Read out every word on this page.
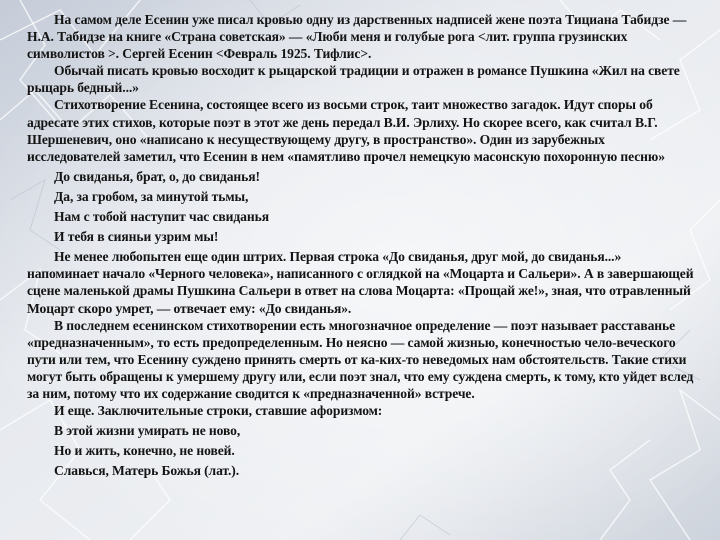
На самом деле Есенин уже писал кровью одну из дарственных надписей жене поэта Тициана Табидзе — Н.А. Табидзе на книге «Страна советская» — «Люби меня и голубые рога <лит. группа грузинских символистов >. Сергей Есенин <Февраль 1925. Тифлис>.

Обычай писать кровью восходит к рыцарской традиции и отражен в романсе Пушкина «Жил на свете рыцарь бедный...»

Стихотворение Есенина, состоящее всего из восьми строк, таит множество загадок. Идут споры об адресате этих стихов, которые поэт в этот же день передал В.И. Эрлиху. Но скорее всего, как считал В.Г. Шершеневич, оно «написано к несуществующему другу, в пространство». Один из зарубежных исследователей заметил, что Есенин в нем «памятливо прочел немецкую масонскую похоронную песню»

До свиданья, брат, о, до свиданья!

Да, за гробом, за минутой тьмы,

Нам с тобой наступит час свиданья

И тебя в сияньи узрим мы!

Не менее любопытен еще один штрих. Первая строка «До свиданья, друг мой, до свиданья...» напоминает начало «Черного человека», написанного с оглядкой на «Моцарта и Сальери». А в завершающей сцене маленькой драмы Пушкина Сальери в ответ на слова Моцарта: «Прощай же!», зная, что отравленный Моцарт скоро умрет, — отвечает ему: «До свиданья».

В последнем есенинском стихотворении есть многозначное определение — поэт называет расставанье «предназначенным», то есть предопределенным. Но неясно — самой жизнью, конечностью чело-веческого пути или тем, что Есенину суждено принять смерть от ка-ких-то неведомых нам обстоятельств. Такие стихи могут быть обращены к умершему другу или, если поэт знал, что ему суждена смерть, к тому, кто уйдет вслед за ним, потому что их содержание сводится к «предназначенной» встрече.

И еще. Заключительные строки, ставшие афоризмом:

В этой жизни умирать не ново,

Но и жить, конечно, не новей.

Славься, Матерь Божья (лат.).
